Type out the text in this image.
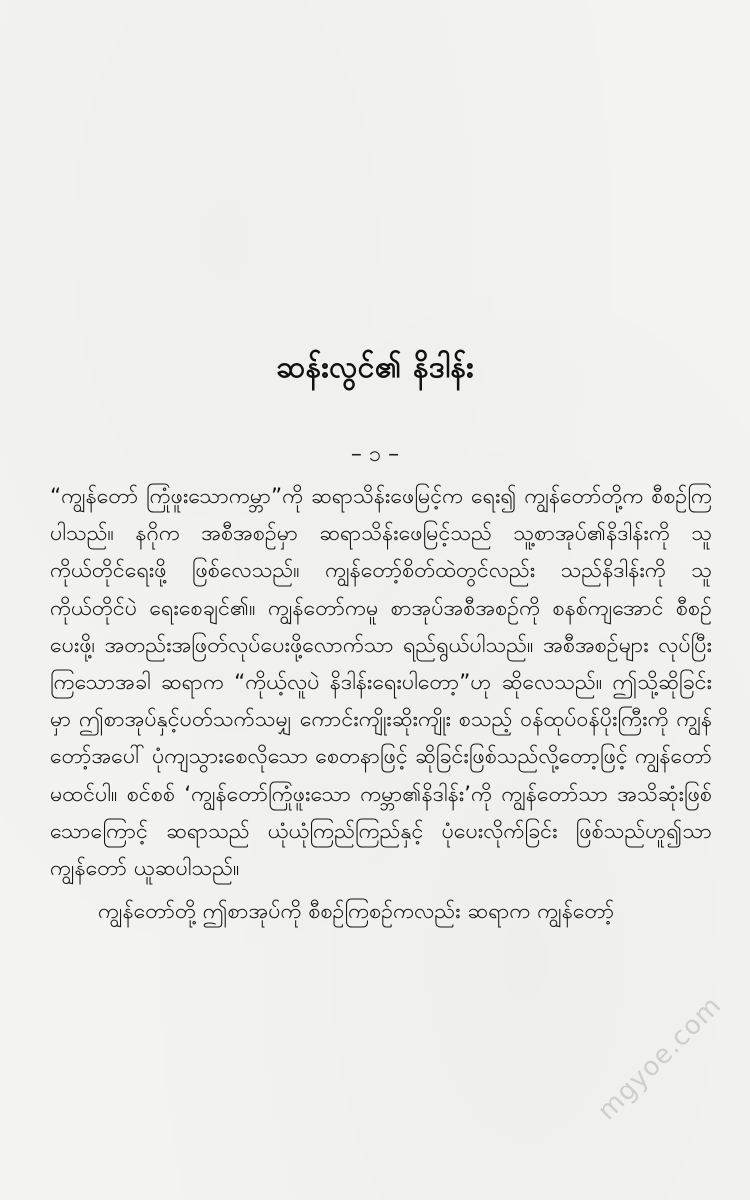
ဆန်းလွင်၏ နိဒါန်း
– ၁ –

“ကျွန်တော် ကြုံဖူးသောကမ္ဘာ”ကို ဆရာသိန်းဖေမြင့်က ရေး၍ ကျွန်တော်တို့က စီစဉ်ကြပါသည်။ နဂိုက အစီအစဉ်မှာ ဆရာသိန်းဖေမြင့်သည် သူ့စာအုပ်၏နိဒါန်းကို သူကိုယ်တိုင်ရေးဖို့ ဖြစ်လေသည်။ ကျွန်တော့်စိတ်ထဲတွင်လည်း သည်နိဒါန်းကို သူကိုယ်တိုင်ပဲ ရေးစေချင်၏။ ကျွန်တော်ကမူ စာအုပ်အစီအစဉ်ကို စနစ်ကျအောင် စီစဉ်ပေးဖို့၊ အတည်းအဖြတ်လုပ်ပေးဖို့လောက်သာ ရည်ရွယ်ပါသည်။ အစီအစဉ်များ လုပ်ပြီးကြသောအခါ ဆရာက “ကိုယ့်လူပဲ နိဒါန်းရေးပါတော့”ဟု ဆိုလေသည်။ ဤသို့ဆိုခြင်းမှာ ဤစာအုပ်နှင့်ပတ်သက်သမျှ ကောင်းကျိုးဆိုးကျိုး စသည့် ဝန်ထုပ်ဝန်ပိုးကြီးကို ကျွန်တော့်အပေါ် ပုံကျသွားစေလိုသော စေတနာဖြင့် ဆိုခြင်းဖြစ်သည်လို့တော့ဖြင့် ကျွန်တော် မထင်ပါ။ စင်စစ် ‘ကျွန်တော်ကြုံဖူးသော ကမ္ဘာ၏နိဒါန်း’ကို ကျွန်တော်သာ အသိဆုံးဖြစ်သောကြောင့် ဆရာသည် ယုံယုံကြည်ကြည်နှင့် ပုံပေးလိုက်ခြင်း ဖြစ်သည်ဟူ၍သာ ကျွန်တော် ယူဆပါသည်။

ကျွန်တော်တို့ ဤစာအုပ်ကို စီစဉ်ကြစဉ်ကလည်း ဆရာက ကျွန်တော့်

mgyoe.com
